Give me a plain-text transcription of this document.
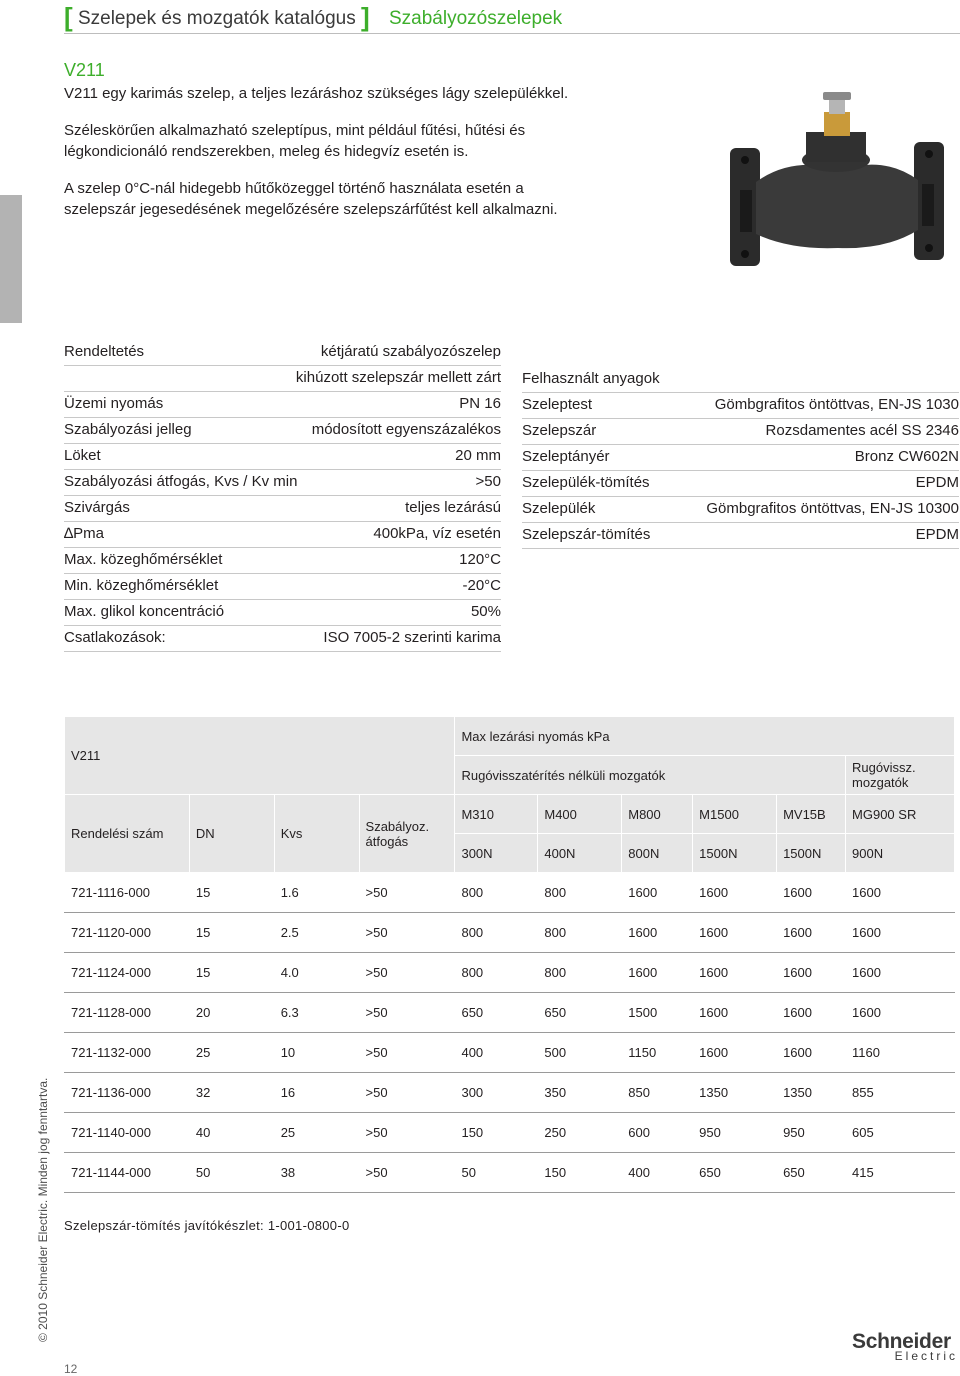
[ Szelepek és mozgatók katalógus ] Szabályozószelepek

V211

V211 egy karimás szelep, a teljes lezáráshoz szükséges lágy szelepülékkel.

Széleskörűen alkalmazható szeleptípus, mint például fűtési, hűtési és légkondicionáló rendszerekben, meleg és hidegvíz esetén is.

A szelep 0°C-nál hidegebb hűtőközeggel történő használata esetén a szelepszár jegesedésének megelőzésére szelepszárfűtést kell alkalmazni.

Rendeltetés	kétjáratú szabályozószelep
kihúzott szelepszár mellett zárt
Üzemi nyomás	PN 16
Szabályozási jelleg	módosított egyenszázalékos
Löket	20 mm
Szabályozási átfogás, Kvs / Kv min	>50
Szivárgás	teljes lezárású
∆Pma	400kPa, víz esetén
Max. közeghőmérséklet	120°C
Min. közeghőmérséklet	-20°C
Max. glikol koncentráció	50%
Csatlakozások:	ISO 7005-2 szerinti karima
Felhasznált anyagok
Szeleptest	Gömbgrafitos öntöttvas, EN-JS 1030
Szelepszár	Rozsdamentes acél SS 2346
Szeleptányér	Bronz CW602N
Szelepülék-tömítés	EPDM
Szelepülék	Gömbgrafitos öntöttvas, EN-JS 10300
Szelepszár-tömítés	EPDM
V211				Max lezárási nyomás kPa					
				Rugóvisszatérítés nélküli mozgatók					Rugóvissz. mozgatók
Rendelési szám	DN	Kvs	Szabályoz. átfogás	M310	M400	M800	M1500	MV15B	MG900 SR
				300N	400N	800N	1500N	1500N	900N
721-1116-000	15	1.6	>50	800	800	1600	1600	1600	1600
721-1120-000	15	2.5	>50	800	800	1600	1600	1600	1600
721-1124-000	15	4.0	>50	800	800	1600	1600	1600	1600
721-1128-000	20	6.3	>50	650	650	1500	1600	1600	1600
721-1132-000	25	10	>50	400	500	1150	1600	1600	1160
721-1136-000	32	16	>50	300	350	850	1350	1350	855
721-1140-000	40	25	>50	150	250	600	950	950	605
721-1144-000	50	38	>50	50	150	400	650	650	415
Szelepszár-tömítés javítókészlet: 1-001-0800-0
© 2010 Schneider Electric. Minden jog fenntartva.
12
Schneider
Electric
